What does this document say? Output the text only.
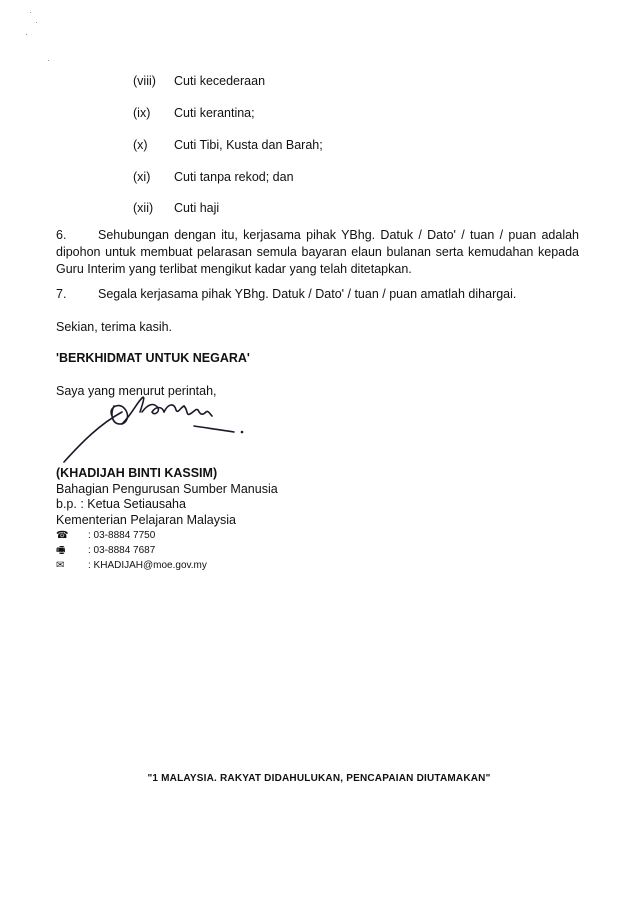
(viii) Cuti kecederaan
(ix) Cuti kerantina;
(x) Cuti Tibi, Kusta dan Barah;
(xi) Cuti tanpa rekod; dan
(xii) Cuti haji
6.	Sehubungan dengan itu, kerjasama pihak YBhg. Datuk / Dato' / tuan / puan adalah dipohon untuk membuat pelarasan semula bayaran elaun bulanan serta kemudahan kepada Guru Interim yang terlibat mengikut kadar yang telah ditetapkan.
7.	Segala kerjasama pihak YBhg. Datuk / Dato' / tuan / puan amatlah dihargai.
Sekian, terima kasih.
'BERKHIDMAT UNTUK NEGARA'
Saya yang menurut perintah,
(KHADIJAH BINTI KASSIM)
Bahagian Pengurusan Sumber Manusia
b.p. : Ketua Setiausaha
Kementerian Pelajaran Malaysia
☎ : 03-8884 7750
🖷 : 03-8884 7687
✉ : KHADIJAH@moe.gov.my
"1 MALAYSIA. RAKYAT DIDAHULUKAN, PENCAPAIAN DIUTAMAKAN"
